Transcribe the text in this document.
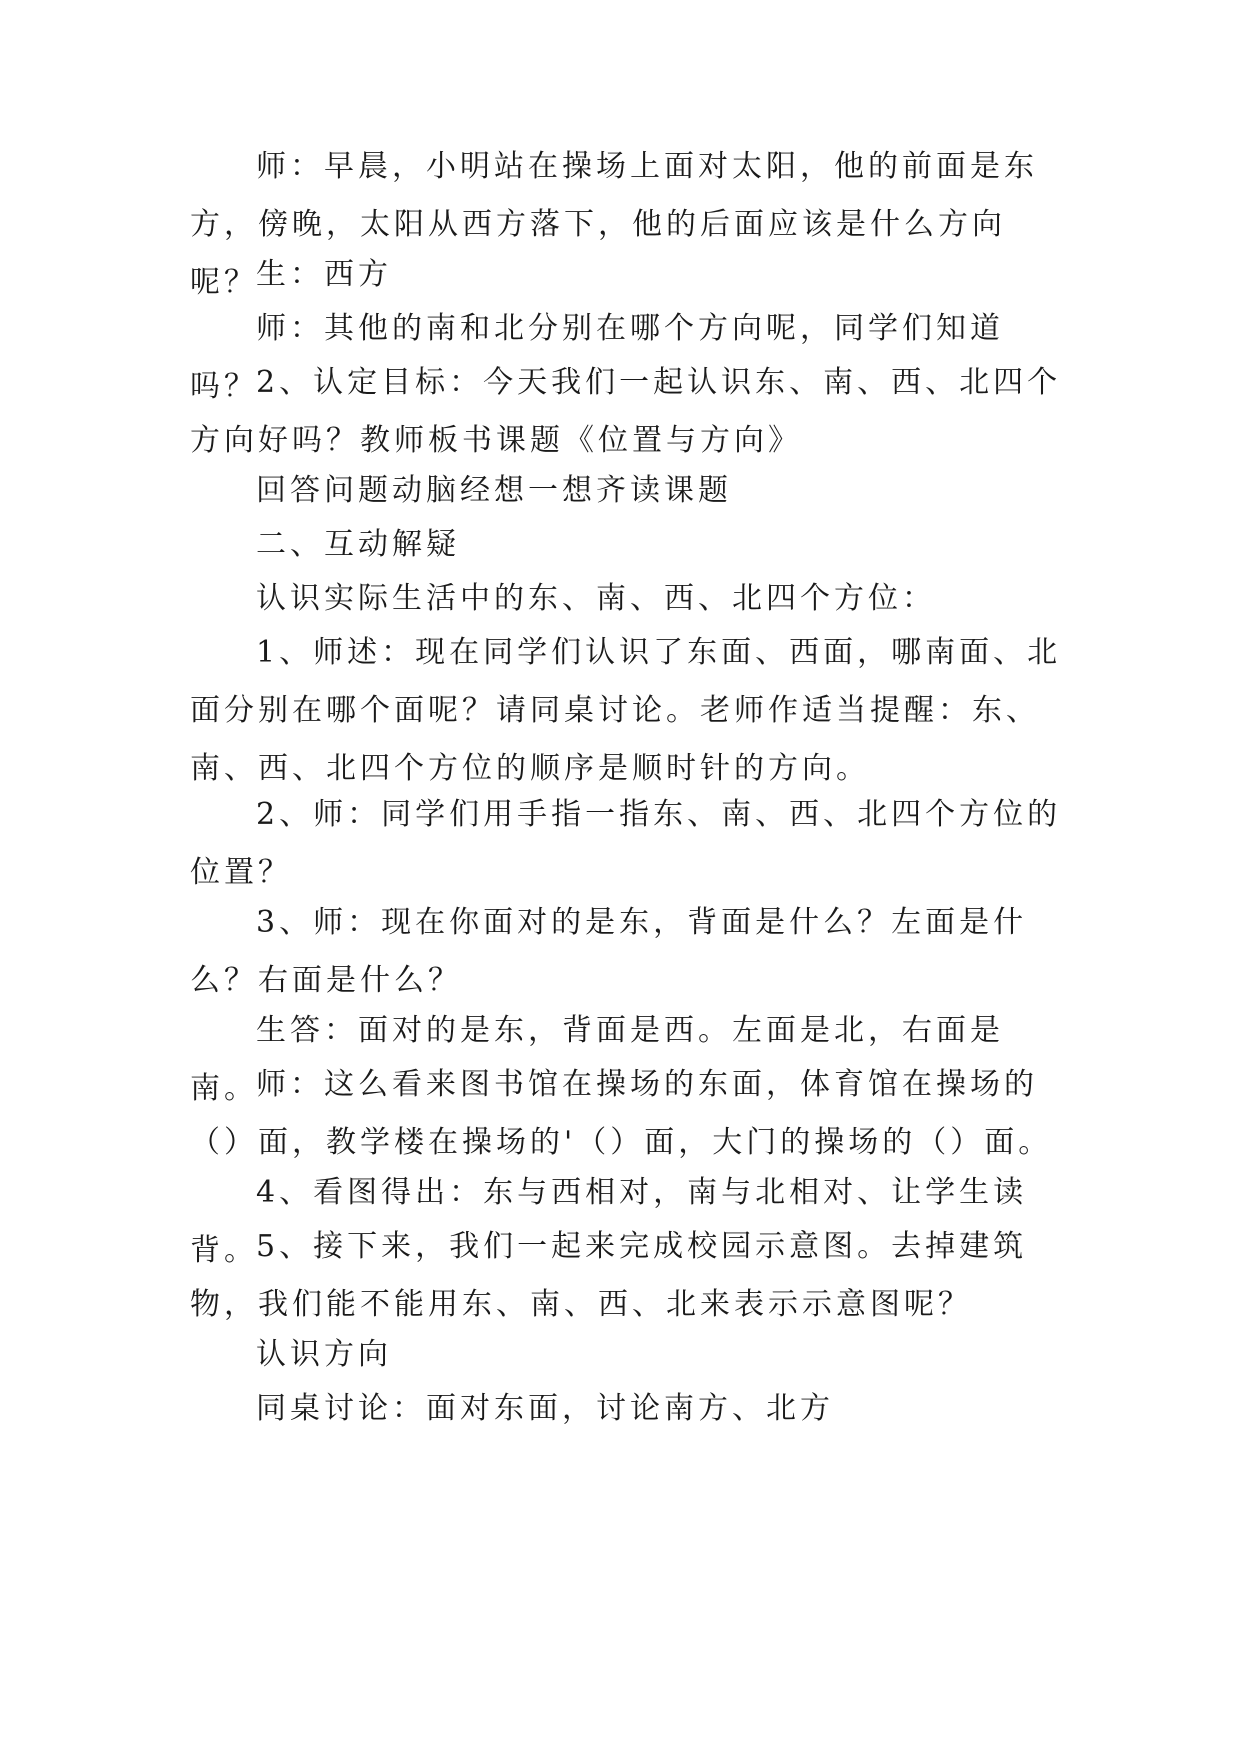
师：早晨，小明站在操场上面对太阳，他的前面是东方，傍晚，太阳从西方落下，他的后面应该是什么方向呢？

生：西方

师：其他的南和北分别在哪个方向呢，同学们知道吗？

2、认定目标：今天我们一起认识东、南、西、北四个方向好吗？教师板书课题《位置与方向》

回答问题动脑经想一想齐读课题

二、互动解疑

认识实际生活中的东、南、西、北四个方位：

1、师述：现在同学们认识了东面、西面，哪南面、北面分别在哪个面呢？请同桌讨论。老师作适当提醒：东、南、西、北四个方位的顺序是顺时针的方向。

2、师：同学们用手指一指东、南、西、北四个方位的位置？

3、师：现在你面对的是东，背面是什么？左面是什么？右面是什么？

生答：面对的是东，背面是西。左面是北，右面是南。

师：这么看来图书馆在操场的东面，体育馆在操场的（）面，教学楼在操场的'（）面，大门的操场的（）面。

4、看图得出：东与西相对，南与北相对、让学生读背。

5、接下来，我们一起来完成校园示意图。去掉建筑物，我们能不能用东、南、西、北来表示示意图呢？

认识方向

同桌讨论：面对东面，讨论南方、北方
